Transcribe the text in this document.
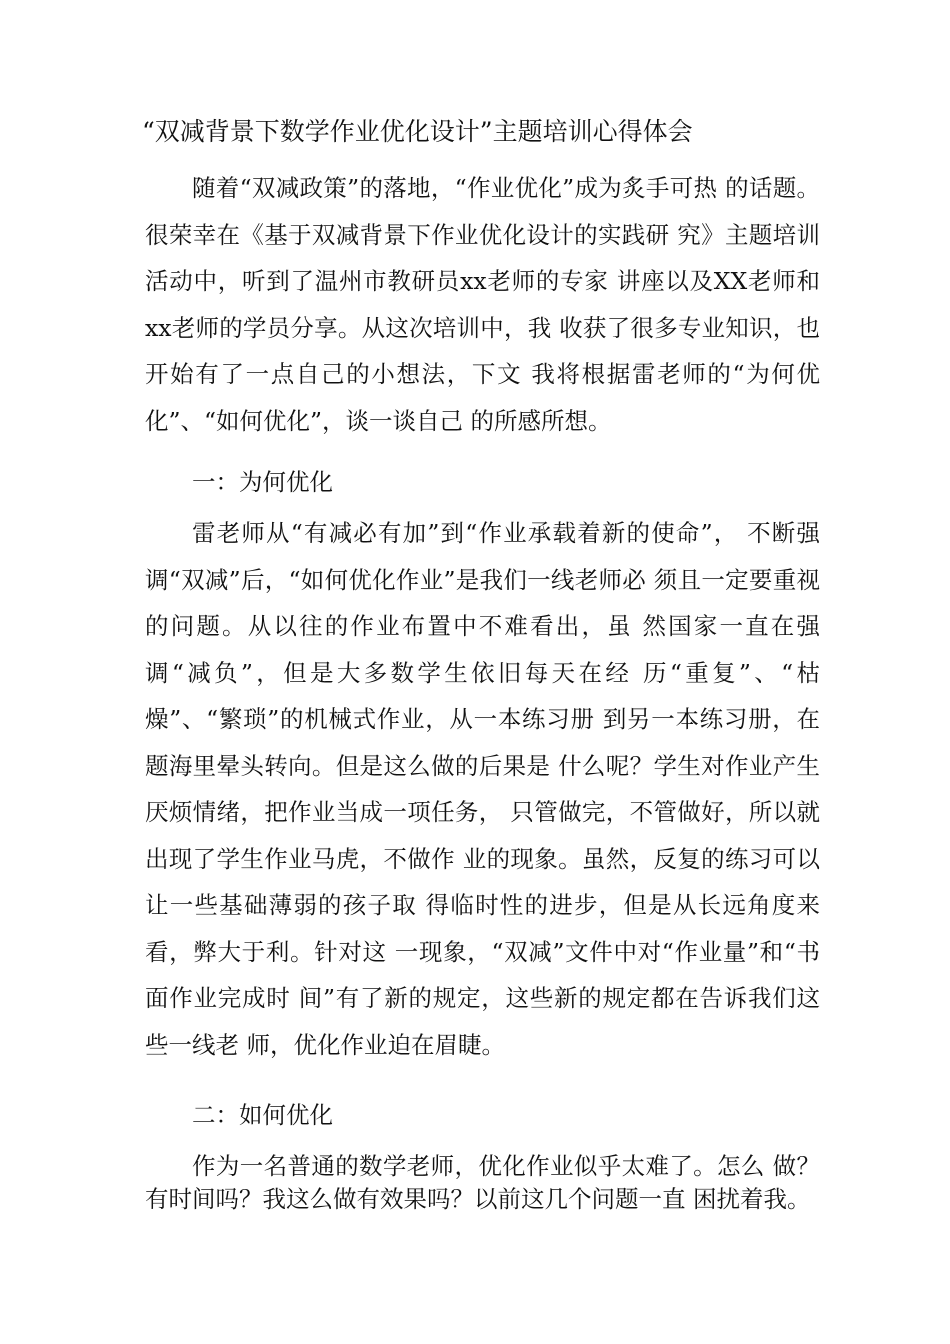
“双减背景下数学作业优化设计”主题培训心得体会

随着“双减政策”的落地，“作业优化”成为炙手可热 的话题。很荣幸在《基于双减背景下作业优化设计的实践研 究》主题培训活动中，听到了温州市教研员xx老师的专家 讲座以及XX老师和xx老师的学员分享。从这次培训中，我 收获了很多专业知识，也开始有了一点自己的小想法，下文 我将根据雷老师的“为何优化”、“如何优化”，谈一谈自己 的所感所想。

一：为何优化

雷老师从“有减必有加”到“作业承载着新的使命”， 不断强调“双减”后，“如何优化作业”是我们一线老师必 须且一定要重视的问题。从以往的作业布置中不难看出，虽 然国家一直在强调“减负”，但是大多数学生依旧每天在经 历“重复”、“枯燥”、“繁琐”的机械式作业，从一本练习册 到另一本练习册，在题海里晕头转向。但是这么做的后果是 什么呢？学生对作业产生厌烦情绪，把作业当成一项任务， 只管做完，不管做好，所以就出现了学生作业马虎，不做作 业的现象。虽然，反复的练习可以让一些基础薄弱的孩子取 得临时性的进步，但是从长远角度来看，弊大于利。针对这 一现象，“双减”文件中对“作业量”和“书面作业完成时 间”有了新的规定，这些新的规定都在告诉我们这些一线老 师，优化作业迫在眉睫。

二：如何优化

作为一名普通的数学老师，优化作业似乎太难了。怎么 做？有时间吗？我这么做有效果吗？以前这几个问题一直 困扰着我。
